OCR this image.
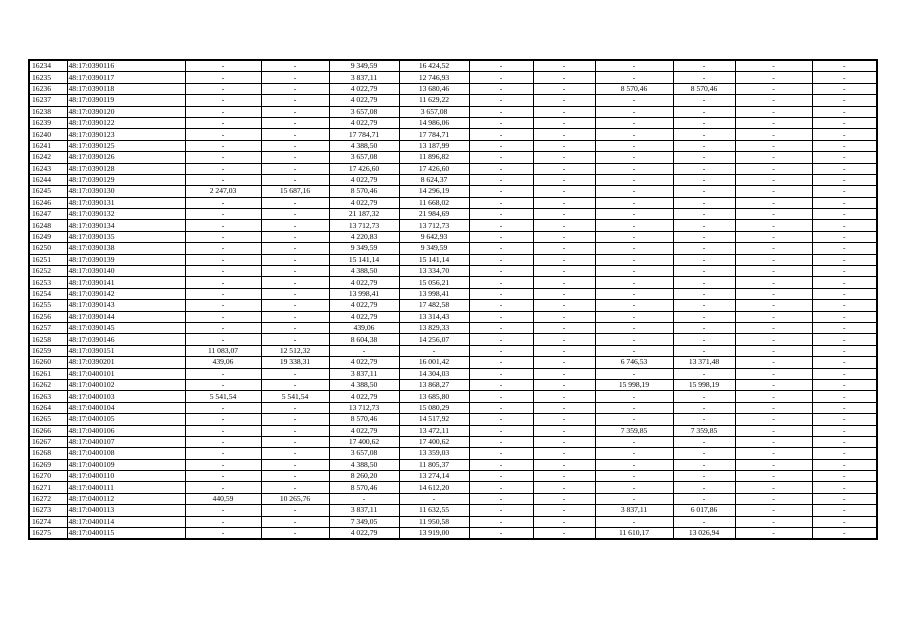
16234	48:17:0390116	-	-	9 349,59	16 424,52	-	-	-	-	-	-
16235	48:17:0390117	-	-	3 837,11	12 746,93	-	-	-	-	-	-
16236	48:17:0390118	-	-	4 022,79	13 680,46	-	-	8 570,46	8 570,46	-	-
16237	48:17:0390119	-	-	4 022,79	11 629,22	-	-	-	-	-	-
16238	48:17:0390120	-	-	3 657,08	3 657,08	-	-	-	-	-	-
16239	48:17:0390122	-	-	4 022,79	14 986,06	-	-	-	-	-	-
16240	48:17:0390123	-	-	17 784,71	17 784,71	-	-	-	-	-	-
16241	48:17:0390125	-	-	4 388,50	13 187,99	-	-	-	-	-	-
16242	48:17:0390126	-	-	3 657,08	11 896,82	-	-	-	-	-	-
16243	48:17:0390128	-	-	17 426,60	17 426,60	-	-	-	-	-	-
16244	48:17:0390129	-	-	4 022,79	8 624,37	-	-	-	-	-	-
16245	48:17:0390130	2 247,03	15 687,16	8 570,46	14 296,19	-	-	-	-	-	-
16246	48:17:0390131	-	-	4 022,79	11 668,02	-	-	-	-	-	-
16247	48:17:0390132	-	-	21 187,32	21 984,69	-	-	-	-	-	-
16248	48:17:0390134	-	-	13 712,73	13 712,73	-	-	-	-	-	-
16249	48:17:0390135	-	-	4 220,83	9 642,93	-	-	-	-	-	-
16250	48:17:0390138	-	-	9 349,59	9 349,59	-	-	-	-	-	-
16251	48:17:0390139	-	-	15 141,14	15 141,14	-	-	-	-	-	-
16252	48:17:0390140	-	-	4 388,50	13 334,70	-	-	-	-	-	-
16253	48:17:0390141	-	-	4 022,79	15 056,21	-	-	-	-	-	-
16254	48:17:0390142	-	-	13 998,41	13 998,41	-	-	-	-	-	-
16255	48:17:0390143	-	-	4 022,79	17 482,58	-	-	-	-	-	-
16256	48:17:0390144	-	-	4 022,79	13 314,43	-	-	-	-	-	-
16257	48:17:0390145	-	-	439,06	13 829,33	-	-	-	-	-	-
16258	48:17:0390146	-	-	8 604,38	14 256,07	-	-	-	-	-	-
16259	48:17:0390151	11 083,07	12 512,32	-	-	-	-	-	-	-	-
16260	48:17:0390201	439,06	19 338,31	4 022,79	16 001,42	-	-	6 746,53	13 371,48	-	-
16261	48:17:0400101	-	-	3 837,11	14 304,03	-	-	-	-	-	-
16262	48:17:0400102	-	-	4 388,50	13 868,27	-	-	15 998,19	15 998,19	-	-
16263	48:17:0400103	5 541,54	5 541,54	4 022,79	13 685,80	-	-	-	-	-	-
16264	48:17:0400104	-	-	13 712,73	15 080,29	-	-	-	-	-	-
16265	48:17:0400105	-	-	8 570,46	14 517,92	-	-	-	-	-	-
16266	48:17:0400106	-	-	4 022,79	13 472,11	-	-	7 359,85	7 359,85	-	-
16267	48:17:0400107	-	-	17 400,62	17 400,62	-	-	-	-	-	-
16268	48:17:0400108	-	-	3 657,08	13 359,03	-	-	-	-	-	-
16269	48:17:0400109	-	-	4 388,50	11 805,37	-	-	-	-	-	-
16270	48:17:0400110	-	-	8 260,20	13 274,14	-	-	-	-	-	-
16271	48:17:0400111	-	-	8 570,46	14 612,20	-	-	-	-	-	-
16272	48:17:0400112	440,59	10 265,76	-	-	-	-	-	-	-	-
16273	48:17:0400113	-	-	3 837,11	11 632,55	-	-	3 837,11	6 017,86	-	-
16274	48:17:0400114	-	-	7 349,05	11 950,58	-	-	-	-	-	-
16275	48:17:0400115	-	-	4 022,79	13 919,00	-	-	11 610,17	13 026,94	-	-
